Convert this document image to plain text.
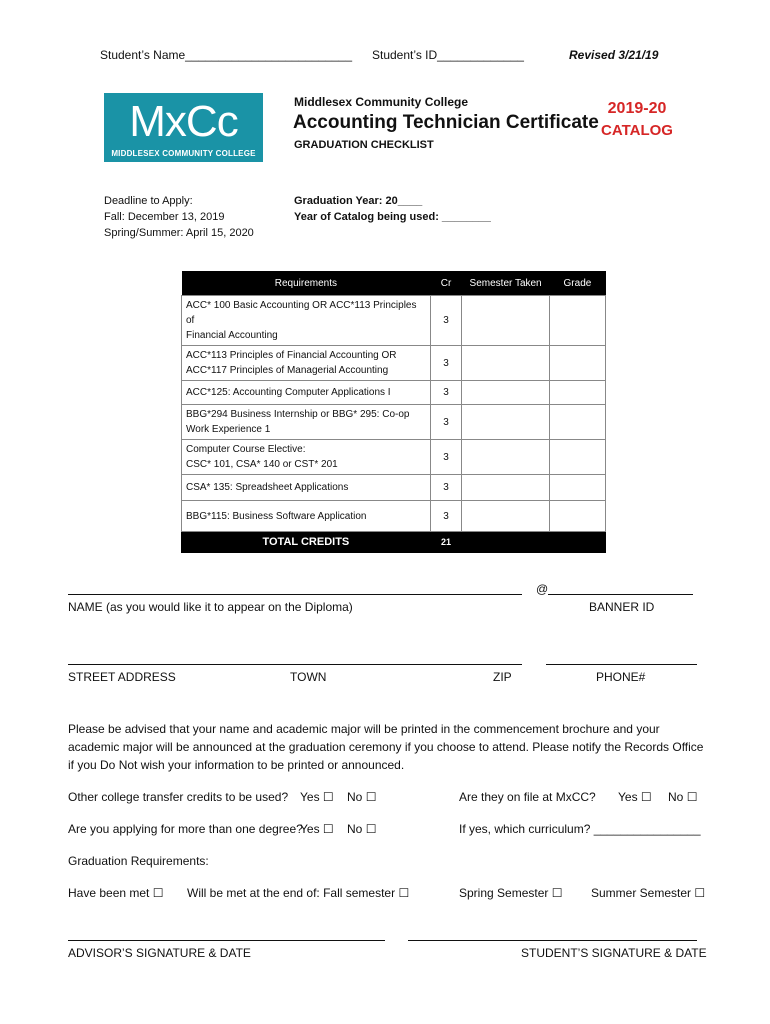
Student’s Name_________________________ Student’s ID_____________	Revised 3/21/19
MxCc
MIDDLESEX COMMUNITY COLLEGE
Middlesex Community College
Accounting Technician Certificate
GRADUATION CHECKLIST
2019-20
CATALOG
Deadline to Apply:
Fall: December 13, 2019
Spring/Summer: April 15, 2020
Graduation Year: 20____
Year of Catalog being used: ________
Requirements	Cr	Semester Taken	Grade
ACC* 100 Basic Accounting OR ACC*113 Principles of
Financial Accounting	3		
ACC*113 Principles of Financial Accounting OR
ACC*117 Principles of Managerial Accounting	3		
ACC*125: Accounting Computer Applications I	3		
BBG*294 Business Internship or BBG* 295: Co-op
Work Experience 1	3		
Computer Course Elective:
CSC* 101, CSA* 140 or CST* 201	3		
CSA* 135: Spreadsheet Applications	3		
BBG*115: Business Software Application	3		
TOTAL CREDITS	21		
@
NAME (as you would like it to appear on the Diploma)	BANNER ID
STREET ADDRESS	TOWN	ZIP	PHONE#
Please be advised that your name and academic major will be printed in the commencement brochure and your academic major will be announced at the graduation ceremony if you choose to attend. Please notify the Records Office if you Do Not wish your information to be printed or announced.
Other college transfer credits to be used? Yes ☐ No ☐	Are they on file at MxCC? Yes ☐ No ☐
Are you applying for more than one degree?
Yes ☐ No ☐	If yes, which curriculum? ________________
Graduation Requirements:
Have been met ☐ Will be met at the end of: Fall semester ☐	Spring Semester ☐ Summer Semester ☐
ADVISOR’S SIGNATURE & DATE	STUDENT’S SIGNATURE & DATE
